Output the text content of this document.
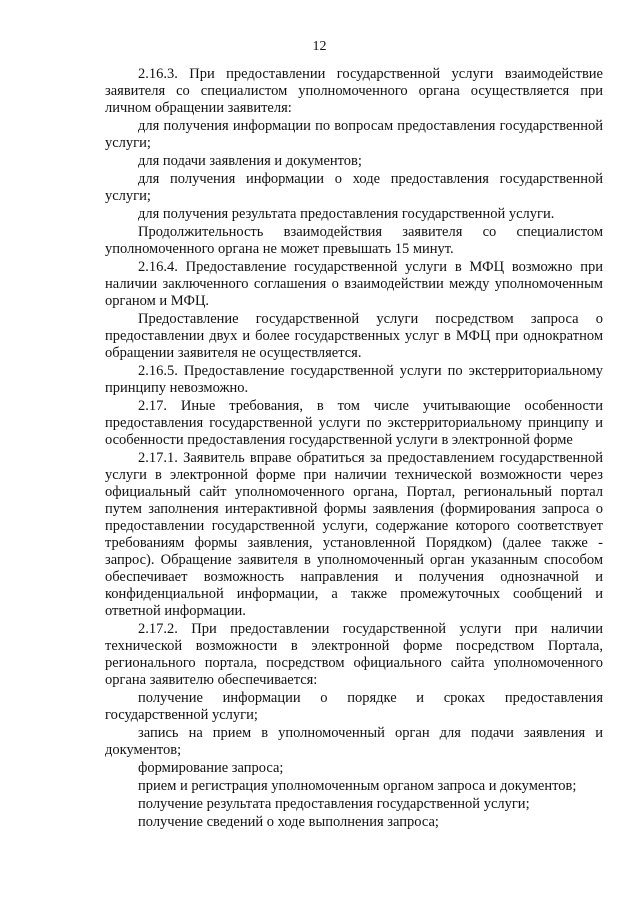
12

2.16.3. При предоставлении государственной услуги взаимодействие заявителя со специалистом уполномоченного органа осуществляется при личном обращении заявителя:

для получения информации по вопросам предоставления государственной услуги;

для подачи заявления и документов;

для получения информации о ходе предоставления государственной услуги;

для получения результата предоставления государственной услуги.

Продолжительность взаимодействия заявителя со специалистом уполномоченного органа не может превышать 15 минут.

2.16.4. Предоставление государственной услуги в МФЦ возможно при наличии заключенного соглашения о взаимодействии между уполномоченным органом и МФЦ.

Предоставление государственной услуги посредством запроса о предоставлении двух и более государственных услуг в МФЦ при однократном обращении заявителя не осуществляется.

2.16.5. Предоставление государственной услуги по экстерриториальному принципу невозможно.

2.17. Иные требования, в том числе учитывающие особенности предоставления государственной услуги по экстерриториальному принципу и особенности предоставления государственной услуги в электронной форме

2.17.1. Заявитель вправе обратиться за предоставлением государственной услуги в электронной форме при наличии технической возможности через официальный сайт уполномоченного органа, Портал, региональный портал путем заполнения интерактивной формы заявления (формирования запроса о предоставлении государственной услуги, содержание которого соответствует требованиям формы заявления, установленной Порядком) (далее также - запрос). Обращение заявителя в уполномоченный орган указанным способом обеспечивает возможность направления и получения однозначной и конфиденциальной информации, а также промежуточных сообщений и ответной информации.

2.17.2. При предоставлении государственной услуги при наличии технической возможности в электронной форме посредством Портала, регионального портала, посредством официального сайта уполномоченного органа заявителю обеспечивается:

получение информации о порядке и сроках предоставления государственной услуги;

запись на прием в уполномоченный орган для подачи заявления и документов;

формирование запроса;

прием и регистрация уполномоченным органом запроса и документов;

получение результата предоставления государственной услуги;

получение сведений о ходе выполнения запроса;
